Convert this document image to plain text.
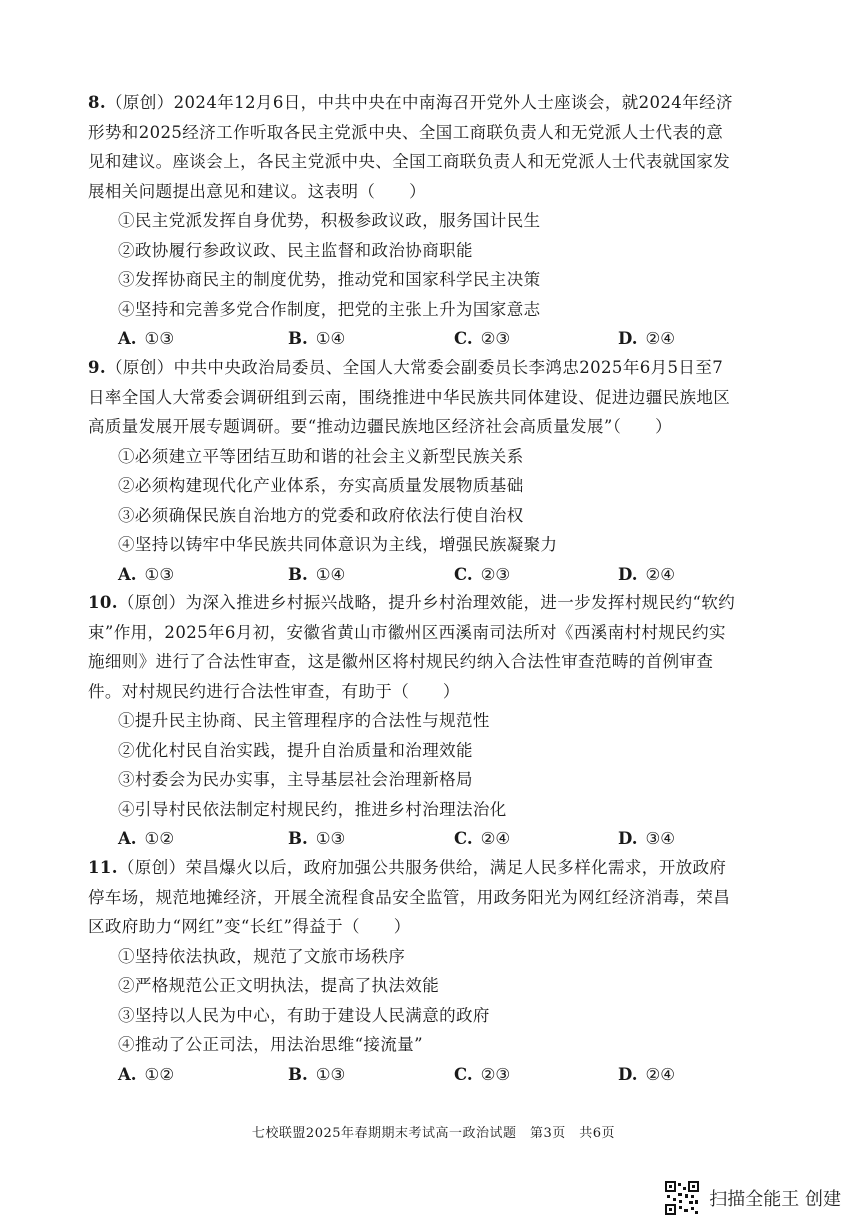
8.（原创）2024年12月6日，中共中央在中南海召开党外人士座谈会，就2024年经济形势和2025经济工作听取各民主党派中央、全国工商联负责人和无党派人士代表的意见和建议。座谈会上，各民主党派中央、全国工商联负责人和无党派人士代表就国家发展相关问题提出意见和建议。这表明（　　）

①民主党派发挥自身优势，积极参政议政，服务国计民生
②政协履行参政议政、民主监督和政治协商职能
③发挥协商民主的制度优势，推动党和国家科学民主决策
④坚持和完善多党合作制度，把党的主张上升为国家意志
A. ①③	B. ①④	C. ②③	D. ②④

9.（原创）中共中央政治局委员、全国人大常委会副委员长李鸿忠2025年6月5日至7日率全国人大常委会调研组到云南，围绕推进中华民族共同体建设、促进边疆民族地区高质量发展开展专题调研。要“推动边疆民族地区经济社会高质量发展”（　　）

①必须建立平等团结互助和谐的社会主义新型民族关系
②必须构建现代化产业体系，夯实高质量发展物质基础
③必须确保民族自治地方的党委和政府依法行使自治权
④坚持以铸牢中华民族共同体意识为主线，增强民族凝聚力
A. ①③	B. ①④	C. ②③	D. ②④

10.（原创）为深入推进乡村振兴战略，提升乡村治理效能，进一步发挥村规民约“软约束”作用，2025年6月初，安徽省黄山市徽州区西溪南司法所对《西溪南村村规民约实施细则》进行了合法性审查，这是徽州区将村规民约纳入合法性审查范畴的首例审查件。对村规民约进行合法性审查，有助于（　　）

①提升民主协商、民主管理程序的合法性与规范性
②优化村民自治实践，提升自治质量和治理效能
③村委会为民办实事，主导基层社会治理新格局
④引导村民依法制定村规民约，推进乡村治理法治化
A. ①②	B. ①③	C. ②④	D. ③④

11.（原创）荣昌爆火以后，政府加强公共服务供给，满足人民多样化需求，开放政府停车场，规范地摊经济，开展全流程食品安全监管，用政务阳光为网红经济消毒，荣昌区政府助力“网红”变“长红”得益于（　　）

①坚持依法执政，规范了文旅市场秩序
②严格规范公正文明执法，提高了执法效能
③坚持以人民为中心，有助于建设人民满意的政府
④推动了公正司法，用法治思维“接流量”
A. ①②	B. ①③	C. ②③	D. ②④
七校联盟2025年春期期末考试高一政治试题　第3页　共6页
扫描全能王 创建
